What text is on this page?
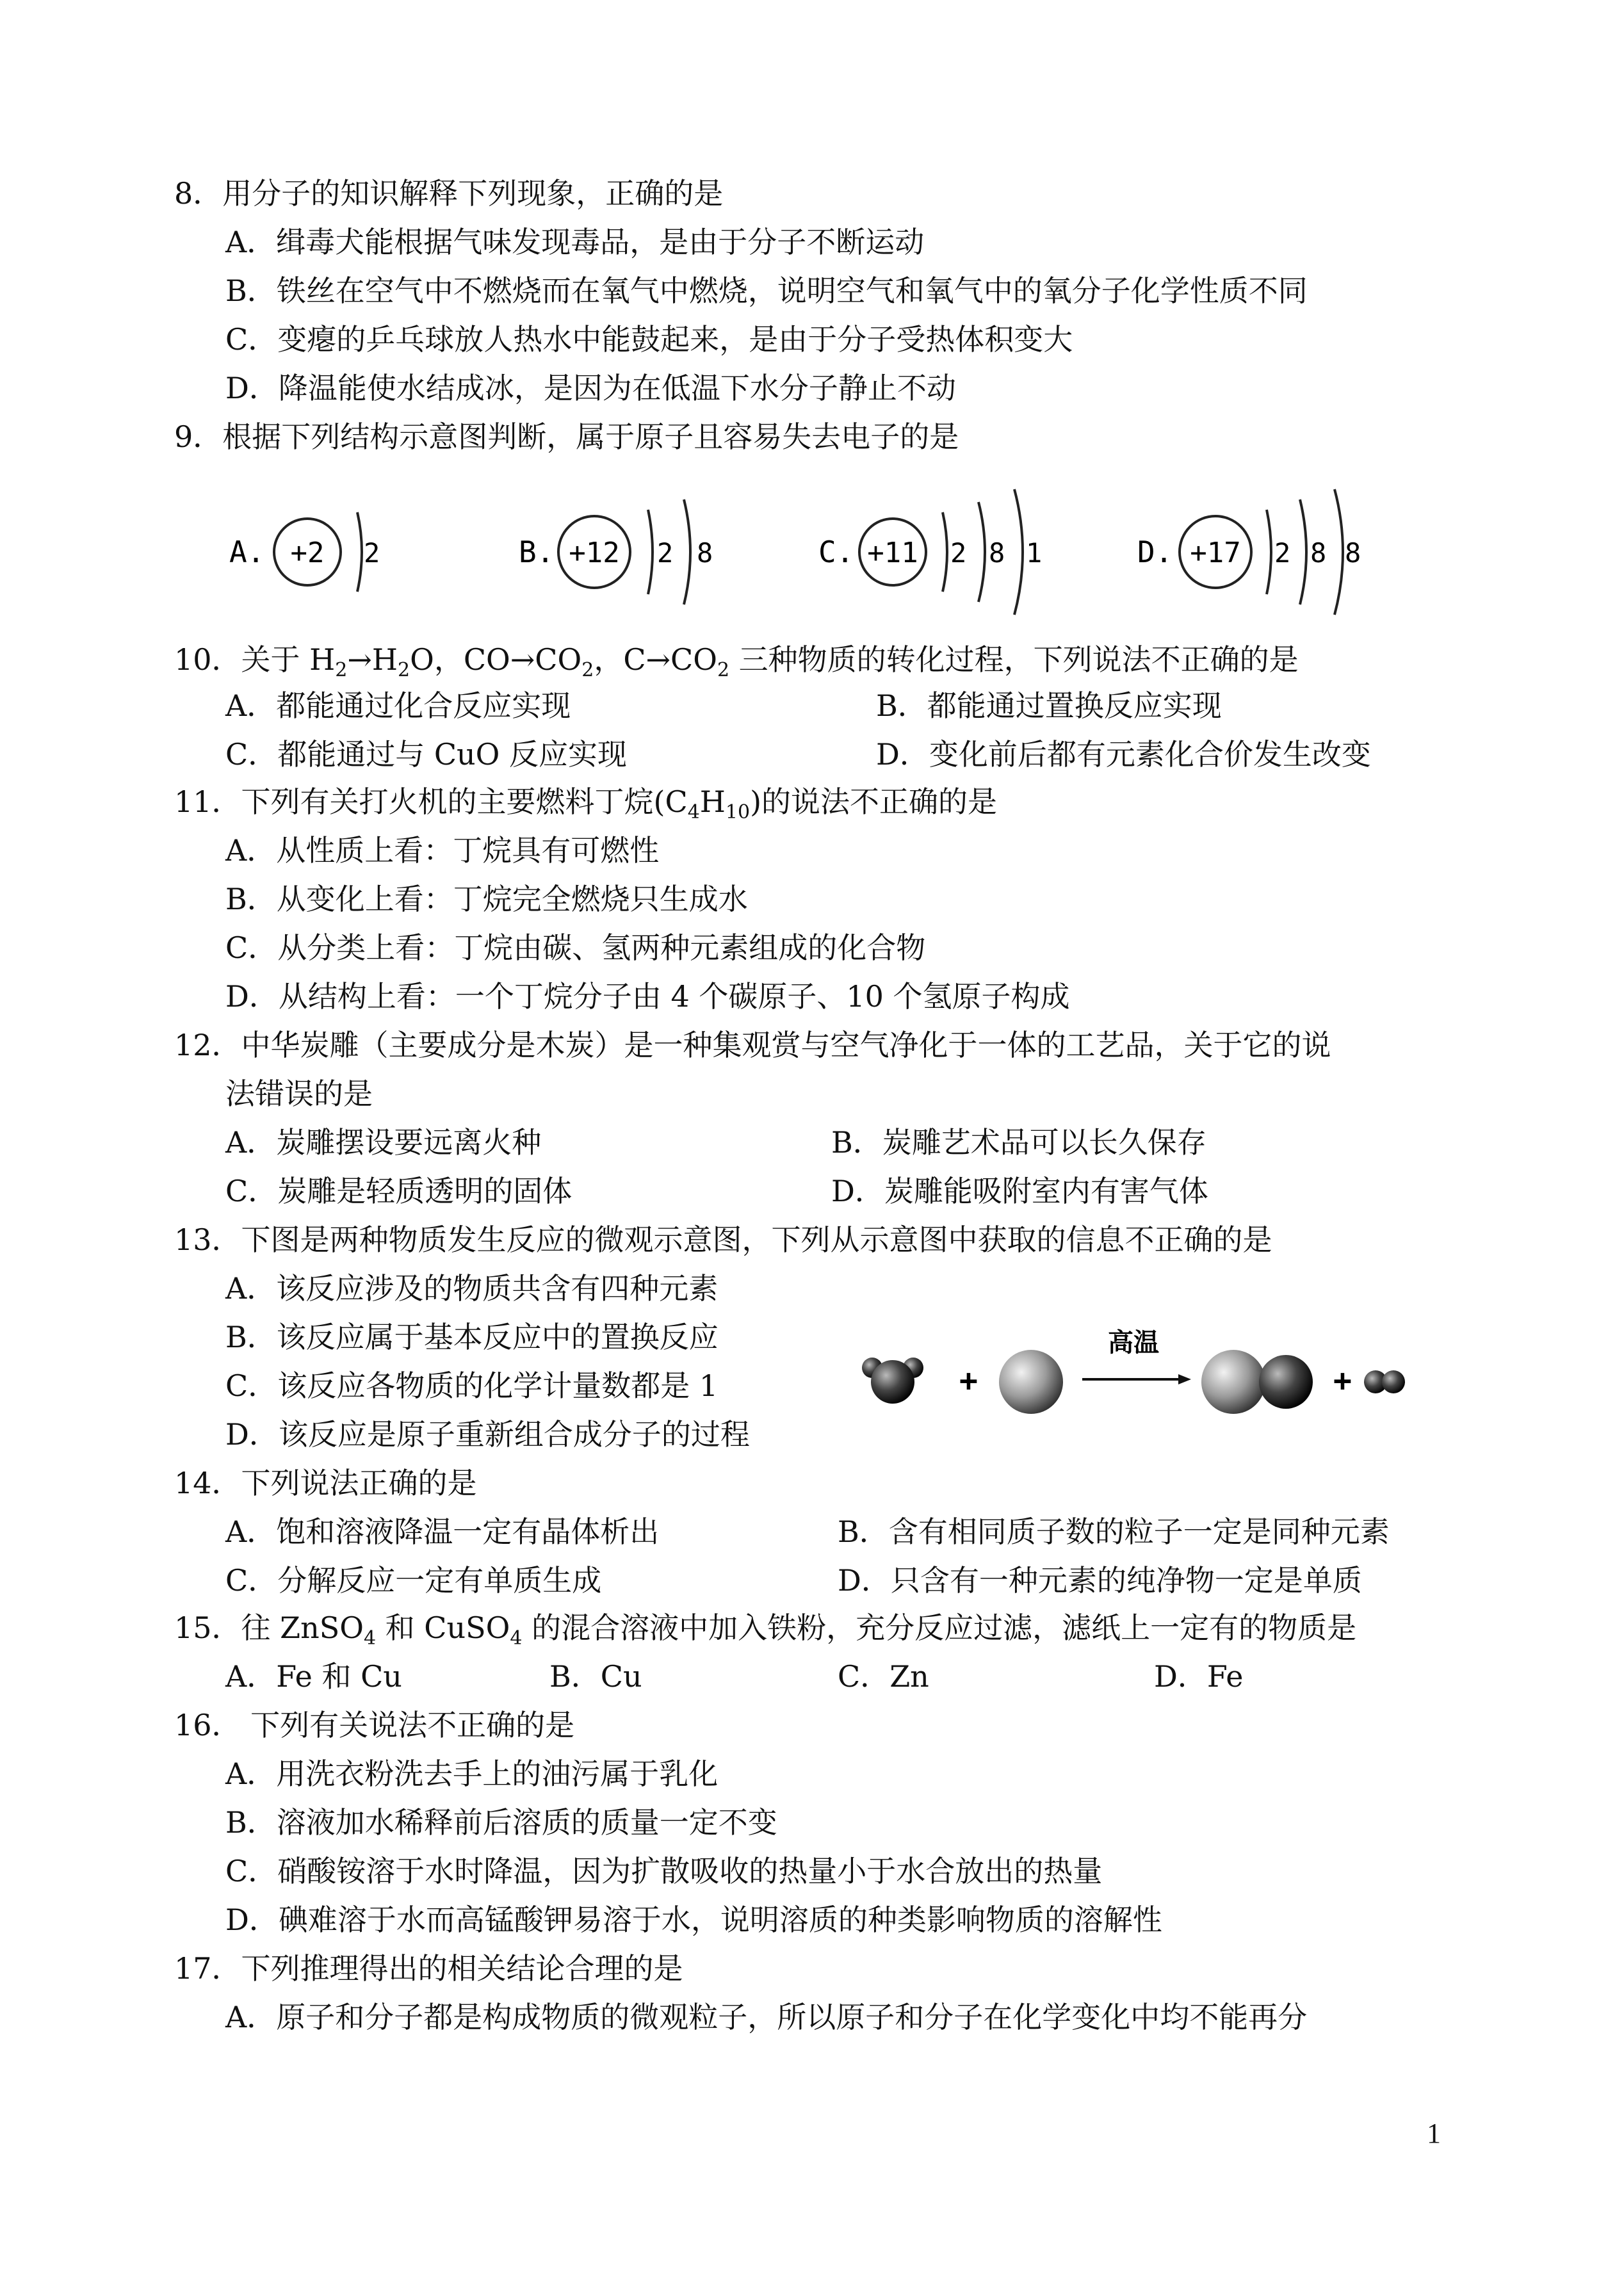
8．用分子的知识解释下列现象，正确的是
A．缉毒犬能根据气味发现毒品，是由于分子不断运动
B．铁丝在空气中不燃烧而在氧气中燃烧，说明空气和氧气中的氧分子化学性质不同
C．变瘪的乒乓球放人热水中能鼓起来，是由于分子受热体积变大
D．降温能使水结成冰，是因为在低温下水分子静止不动
9．根据下列结构示意图判断，属于原子且容易失去电子的是
A. +2 2	B. +12 2 8	C. +11 2 8 1	D. +17 2 8 8
10．关于 $H_2\to H_2O$，$CO\to CO_2$，$C\to CO_2$ 三种物质的转化过程，下列说法不正确的是
A．都能通过化合反应实现	B．都能通过置换反应实现
C．都能通过与 CuO 反应实现	D．变化前后都有元素化合价发生改变
11．下列有关打火机的主要燃料丁烷$(C_4H_{10})$的说法不正确的是
A．从性质上看：丁烷具有可燃性
B．从变化上看：丁烷完全燃烧只生成水
C．从分类上看：丁烷由碳、氢两种元素组成的化合物
D．从结构上看：一个丁烷分子由 4 个碳原子、10 个氢原子构成
12．中华炭雕（主要成分是木炭）是一种集观赏与空气净化于一体的工艺品，关于它的说
法错误的是
A．炭雕摆设要远离火种	B．炭雕艺术品可以长久保存
C．炭雕是轻质透明的固体	D．炭雕能吸附室内有害气体
13．下图是两种物质发生反应的微观示意图，下列从示意图中获取的信息不正确的是
A．该反应涉及的物质共含有四种元素
B．该反应属于基本反应中的置换反应
C．该反应各物质的化学计量数都是 1
D．该反应是原子重新组合成分子的过程
+
高温
+
14．下列说法正确的是
A．饱和溶液降温一定有晶体析出	B．含有相同质子数的粒子一定是同种元素
C．分解反应一定有单质生成	D．只含有一种元素的纯净物一定是单质
15．往 ZnSO$_4$ 和 CuSO$_4$ 的混合溶液中加入铁粉，充分反应过滤，滤纸上一定有的物质是
A．Fe 和 Cu	B．Cu	C．Zn	D．Fe
16． 下列有关说法不正确的是
A．用洗衣粉洗去手上的油污属于乳化
B．溶液加水稀释前后溶质的质量一定不变
C．硝酸铵溶于水时降温，因为扩散吸收的热量小于水合放出的热量
D．碘难溶于水而高锰酸钾易溶于水，说明溶质的种类影响物质的溶解性
17．下列推理得出的相关结论合理的是
A．原子和分子都是构成物质的微观粒子，所以原子和分子在化学变化中均不能再分
1
